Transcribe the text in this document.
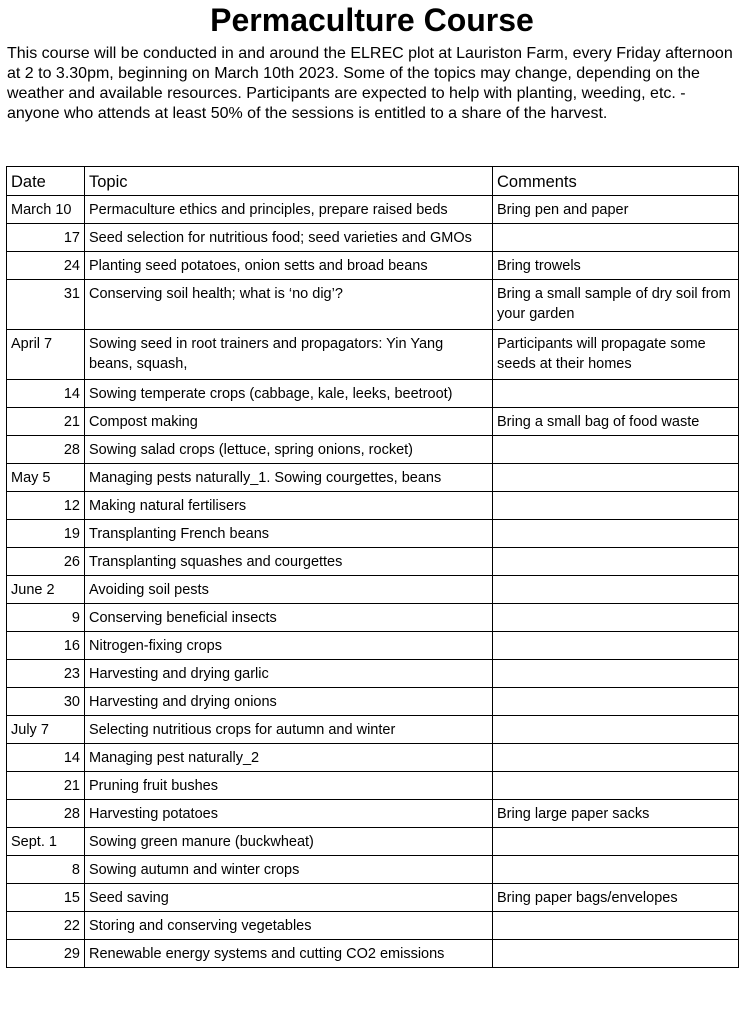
Permaculture Course

This course will be conducted in and around the ELREC plot at Lauriston Farm, every Friday afternoon at 2 to 3.30pm, beginning on March 10th 2023. Some of the topics may change, depending on the weather and available resources. Participants are expected to help with planting, weeding, etc. - anyone who attends at least 50% of the sessions is entitled to a share of the harvest.

Date	Topic	Comments
March 10	Permaculture ethics and principles, prepare raised beds	Bring pen and paper
17	Seed selection for nutritious food; seed varieties and GMOs	
24	Planting seed potatoes, onion setts and broad beans	Bring trowels
31	Conserving soil health; what is ‘no dig’?	Bring a small sample of dry soil from your garden
April 7	Sowing seed in root trainers and propagators: Yin Yang beans, squash,	Participants will propagate some seeds at their homes
14	Sowing temperate crops (cabbage, kale, leeks, beetroot)	
21	Compost making	Bring a small bag of food waste
28	Sowing salad crops (lettuce, spring onions, rocket)	
May 5	Managing pests naturally_1. Sowing courgettes, beans	
12	Making natural fertilisers	
19	Transplanting French beans	
26	Transplanting squashes and courgettes	
June 2	Avoiding soil pests	
9	Conserving beneficial insects	
16	Nitrogen-fixing crops	
23	Harvesting and drying garlic	
30	Harvesting and drying onions	
July 7	Selecting nutritious crops for autumn and winter	
14	Managing pest naturally_2	
21	Pruning fruit bushes	
28	Harvesting potatoes	Bring large paper sacks
Sept. 1	Sowing green manure (buckwheat)	
8	Sowing autumn and winter crops	
15	Seed saving	Bring paper bags/envelopes
22	Storing and conserving vegetables	
29	Renewable energy systems and cutting CO2 emissions	
